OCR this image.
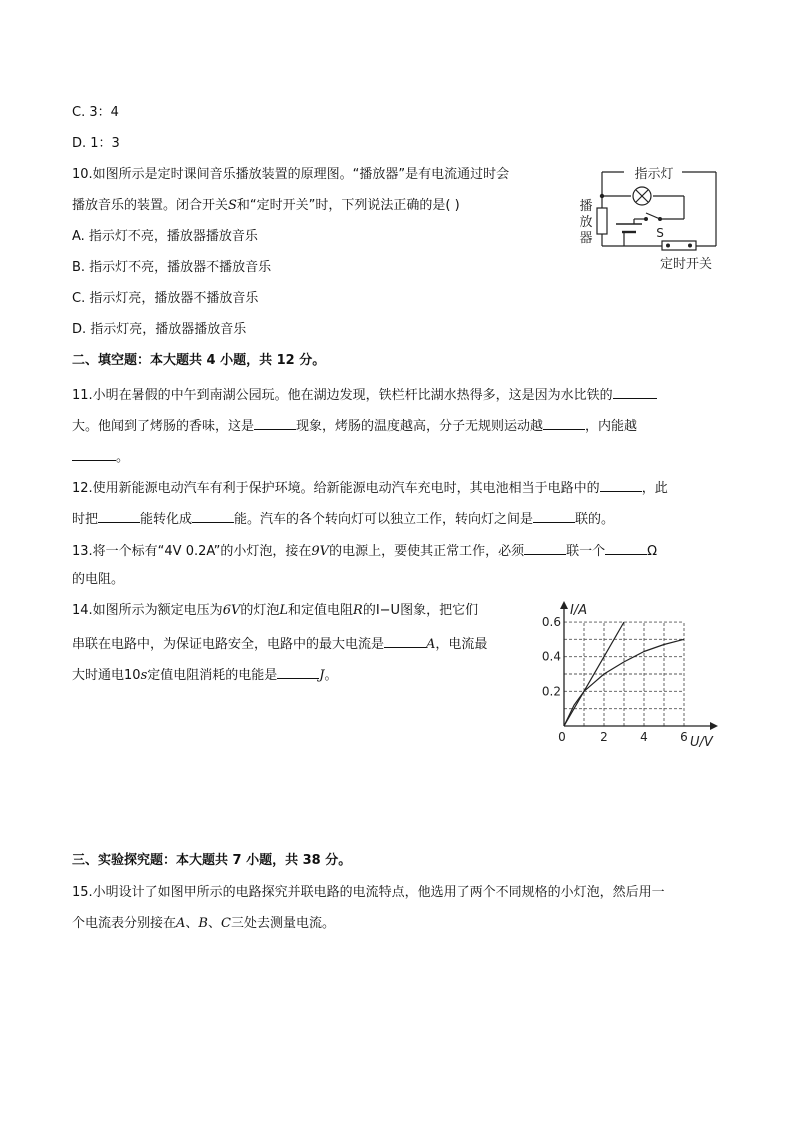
C. 3：4
D. 1：3
10.如图所示是定时课间音乐播放装置的原理图。“播放器”是有电流通过时会
播放音乐的装置。闭合开关S和“定时开关”时，下列说法正确的是( )
A. 指示灯不亮，播放器播放音乐
B. 指示灯不亮，播放器不播放音乐
C. 指示灯亮，播放器不播放音乐
D. 指示灯亮，播放器播放音乐
指示灯
播
放
器	S
定时开关
二、填空题：本大题共 4 小题，共 12 分。
11.小明在暑假的中午到南湖公园玩。他在湖边发现，铁栏杆比湖水热得多，这是因为水比铁的
大。他闻到了烤肠的香味，这是	现象，烤肠的温度越高，分子无规则运动越	，内能越
。
12.使用新能源电动汽车有利于保护环境。给新能源电动汽车充电时，其电池相当于电路中的	，此
时把	能转化成	能。汽车的各个转向灯可以独立工作，转向灯之间是	联的。
13.将一个标有“4V 0.2A”的小灯泡，接在9V的电源上，要使其正常工作，必须	联一个	Ω
的电阻。
14.如图所示为额定电压为6V的灯泡L和定值电阻R的I−U图象，把它们
串联在电路中，为保证电路安全，电路中的最大电流是	A，电流最
大时通电10s定值电阻消耗的电能是	J。
0	2	4	6
0.2
0.4
0.6
I/A
U/V
三、实验探究题：本大题共 7 小题，共 38 分。
15.小明设计了如图甲所示的电路探究并联电路的电流特点，他选用了两个不同规格的小灯泡，然后用一
个电流表分别接在A、B、C三处去测量电流。
